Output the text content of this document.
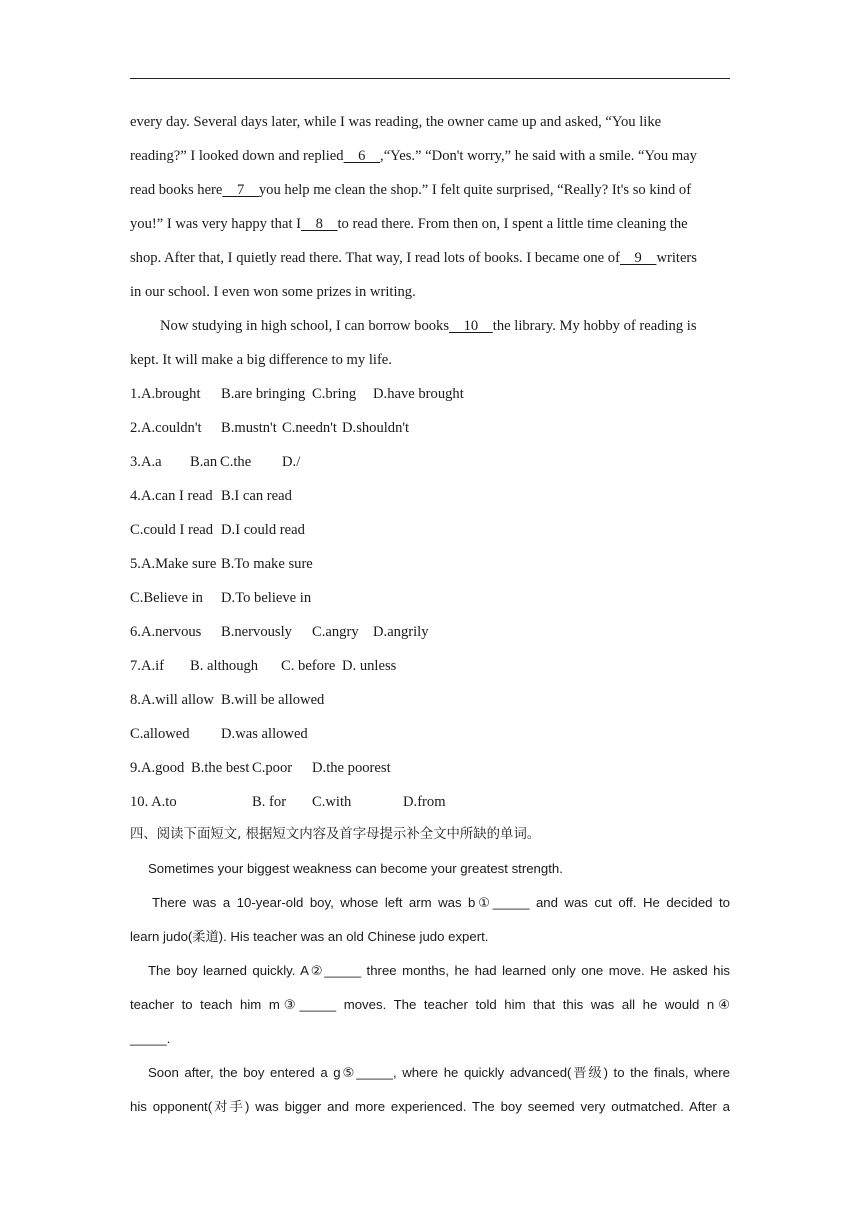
every day. Several days later, while I was reading, the owner came up and asked, “You like
reading?” I looked down and replied    6    ,“Yes.” “Don't worry,” he said with a smile. “You may
read books here    7    you help me clean the shop.” I felt quite surprised, “Really? It's so kind of
you!” I was very happy that I    8    to read there. From then on, I spent a little time cleaning the
shop. After that, I quietly read there. That way, I read lots of books. I became one of    9    writers
in our school. I even won some prizes in writing.
Now studying in high school, I can borrow books    10    the library. My hobby of reading is
kept. It will make a big difference to my life.
1.A.brought B.are bringing C.bring D.have brought
2.A.couldn't B.mustn't C.needn't D.shouldn't
3.A.a B.an C.the D./
4.A.can I read B.I can read
C.could I read D.I could read
5.A.Make sure B.To make sure
C.Believe in D.To believe in
6.A.nervous B.nervously C.angry D.angrily
7.A.if B. although C. before D. unless
8.A.will allow B.will be allowed
C.allowed D.was allowed
9.A.good B.the best C.poor D.the poorest
10. A.to	B. for C.with	D.from
四、阅读下面短文, 根据短文内容及首字母提示补全文中所缺的单词。
Sometimes your biggest weakness can become your greatest strength.
There was a 10-year-old boy, whose left arm was b①_____ and was cut off. He decided to
learn judo(柔道). His teacher was an old Chinese judo expert.
The boy learned quickly. A②_____ three months, he had learned only one move. He asked his
teacher to teach him m③_____ moves. The teacher told him that this was all he would n④
_____.
Soon after, the boy entered a g⑤_____, where he quickly advanced(晋级) to the finals, where
his opponent(对手) was bigger and more experienced. The boy seemed very outmatched. After a
